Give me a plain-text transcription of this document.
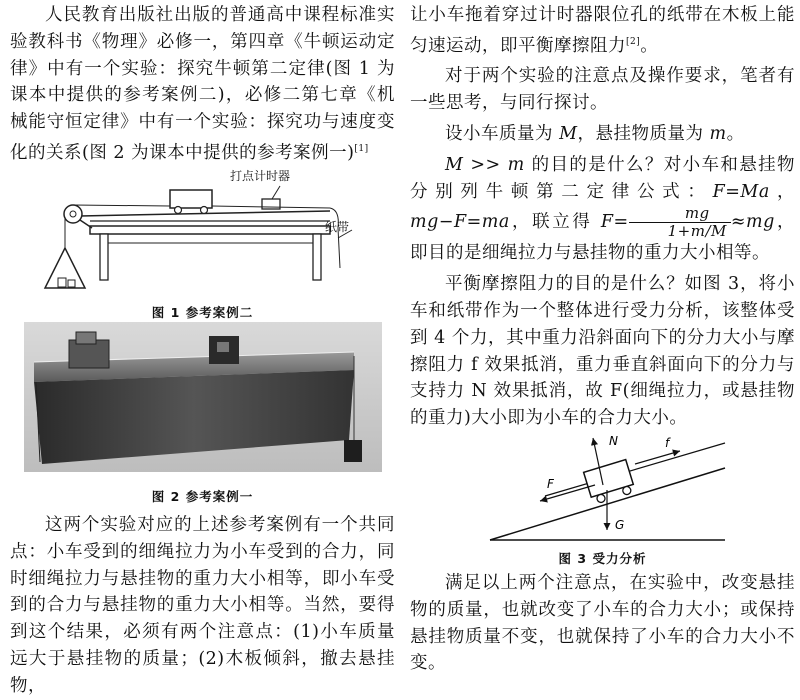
人民教育出版社出版的普通高中课程标准实验教科书《物理》必修一，第四章《牛顿运动定律》中有一个实验：探究牛顿第二定律(图 1 为课本中提供的参考案例二)，必修二第七章《机械能守恒定律》中有一个实验：探究功与速度变化的关系(图 2 为课本中提供的参考案例一)[1]

打点计时器
纸带
图 1 参考案例二
图 2 参考案例一

这两个实验对应的上述参考案例有一个共同点：小车受到的细绳拉力为小车受到的合力，同时细绳拉力与悬挂物的重力大小相等，即小车受到的合力与悬挂物的重力大小相等。当然，要得到这个结果，必须有两个注意点：(1)小车质量远大于悬挂物的质量；(2)木板倾斜，撤去悬挂物，

让小车拖着穿过计时器限位孔的纸带在木板上能匀速运动，即平衡摩擦阻力[2]。

对于两个实验的注意点及操作要求，笔者有一些思考，与同行探讨。

设小车质量为 M，悬挂物质量为 m。

M >> m 的目的是什么？对小车和悬挂物分别列牛顿第二定律公式：F=Ma，mg−F=ma，联立得 $F= \frac{mg}{1+m/M} \approx mg$，即目的是细绳拉力与悬挂物的重力大小相等。

平衡摩擦阻力的目的是什么？如图 3，将小车和纸带作为一个整体进行受力分析，该整体受到 4 个力，其中重力沿斜面向下的分力大小与摩擦阻力 f 效果抵消，重力垂直斜面向下的分力与支持力 N 效果抵消，故 F(细绳拉力，或悬挂物的重力)大小即为小车的合力大小。

N	f
F
G
图 3 受力分析

满足以上两个注意点，在实验中，改变悬挂物的质量，也就改变了小车的合力大小；或保持悬挂物质量不变，也就保持了小车的合力大小不变。
